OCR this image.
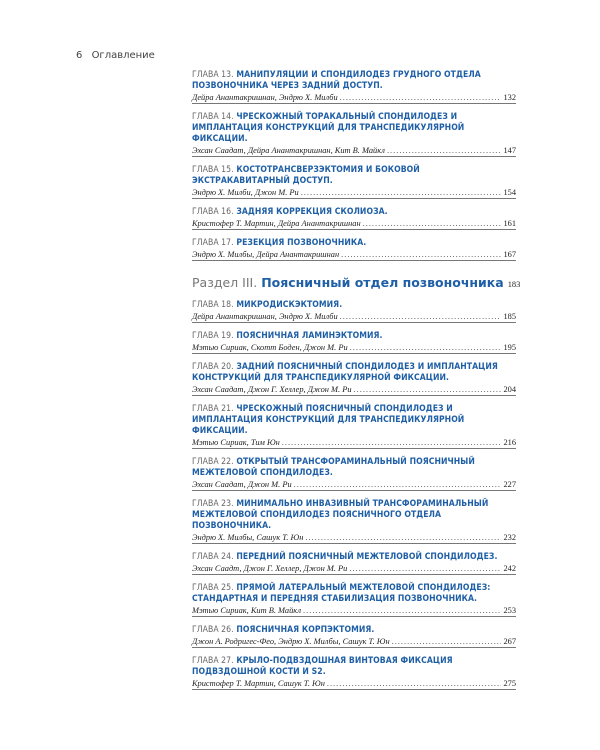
6 Оглавление
ГЛАВА 13. МАНИПУЛЯЦИИ И СПОНДИЛОДЕЗ ГРУДНОГО ОТДЕЛА ПОЗВОНОЧНИКА ЧЕРЕЗ ЗАДНИЙ ДОСТУП.
Дейра Анантакришнан, Эндрю Х. Милби .....	132
ГЛАВА 14. ЧРЕСКОЖНЫЙ ТОРАКАЛЬНЫЙ СПОНДИЛОДЕЗ И ИМПЛАНТАЦИЯ КОНСТРУКЦИЙ ДЛЯ ТРАНСПЕДИКУЛЯРНОЙ ФИКСАЦИИ.
Эхсан Саадат, Дейра Анантакришнан, Кит В. Майкл .....	147
ГЛАВА 15. КОСТОТРАНСВЕРЗЭКТОМИЯ И БОКОВОЙ ЭКСТРАКАВИТАРНЫЙ ДОСТУП.
Эндрю Х. Милби, Джон М. Ри .....	154
ГЛАВА 16. ЗАДНЯЯ КОРРЕКЦИЯ СКОЛИОЗА.
Кристофер Т. Мартин, Дейра Анантакришнан .....	161
ГЛАВА 17. РЕЗЕКЦИЯ ПОЗВОНОЧНИКА.
Эндрю Х. Милбы, Дейра Анантакришнан .....	167
Раздел III. Поясничный отдел позвоночника 183
ГЛАВА 18. МИКРОДИСКЭКТОМИЯ.
Дейра Анантакришнан, Эндрю Х. Милби .....	185
ГЛАВА 19. ПОЯСНИЧНАЯ ЛАМИНЭКТОМИЯ.
Мэтью Сириак, Скотт Боден, Джон М. Ри .....	195
ГЛАВА 20. ЗАДНИЙ ПОЯСНИЧНЫЙ СПОНДИЛОДЕЗ И ИМПЛАНТАЦИЯ КОНСТРУКЦИЙ ДЛЯ ТРАНСПЕДИКУЛЯРНОЙ ФИКСАЦИИ.
Эхсан Саадат, Джон Г. Хеллер, Джон М. Ри .....	204
ГЛАВА 21. ЧРЕСКОЖНЫЙ ПОЯСНИЧНЫЙ СПОНДИЛОДЕЗ И ИМПЛАНТАЦИЯ КОНСТРУКЦИЙ ДЛЯ ТРАНСПЕДИКУЛЯРНОЙ ФИКСАЦИИ.
Мэтью Сириак, Тим Юн .....	216
ГЛАВА 22. ОТКРЫТЫЙ ТРАНСФОРАМИНАЛЬНЫЙ ПОЯСНИЧНЫЙ МЕЖТЕЛОВОЙ СПОНДИЛОДЕЗ.
Эхсан Саадат, Джон М. Ри .....	227
ГЛАВА 23. МИНИМАЛЬНО ИНВАЗИВНЫЙ ТРАНСФОРАМИНАЛЬНЫЙ МЕЖТЕЛОВОЙ СПОНДИЛОДЕЗ ПОЯСНИЧНОГО ОТДЕЛА ПОЗВОНОЧНИКА.
Эндрю Х. Милбы, Сашук Т. Юн .....	232
ГЛАВА 24. ПЕРЕДНИЙ ПОЯСНИЧНЫЙ МЕЖТЕЛОВОЙ СПОНДИЛОДЕЗ.
Эхсан Саадт, Джон Г. Хеллер, Джон М. Ри .....	242
ГЛАВА 25. ПРЯМОЙ ЛАТЕРАЛЬНЫЙ МЕЖТЕЛОВОЙ СПОНДИЛОДЕЗ: СТАНДАРТНАЯ И ПЕРЕДНЯЯ СТАБИЛИЗАЦИЯ ПОЗВОНОЧНИКА.
Мэтью Сириак, Кит В. Майкл .....	253
ГЛАВА 26. ПОЯСНИЧНАЯ КОРПЭКТОМИЯ.
Джон А. Родригес-Фео, Эндрю Х. Милбы, Сашук Т. Юн .....	267
ГЛАВА 27. КРЫЛО-ПОДВЗДОШНАЯ ВИНТОВАЯ ФИКСАЦИЯ ПОДВЗДОШНОЙ КОСТИ И S2.
Кристофер Т. Мартин, Сашук Т. Юн .....	275
